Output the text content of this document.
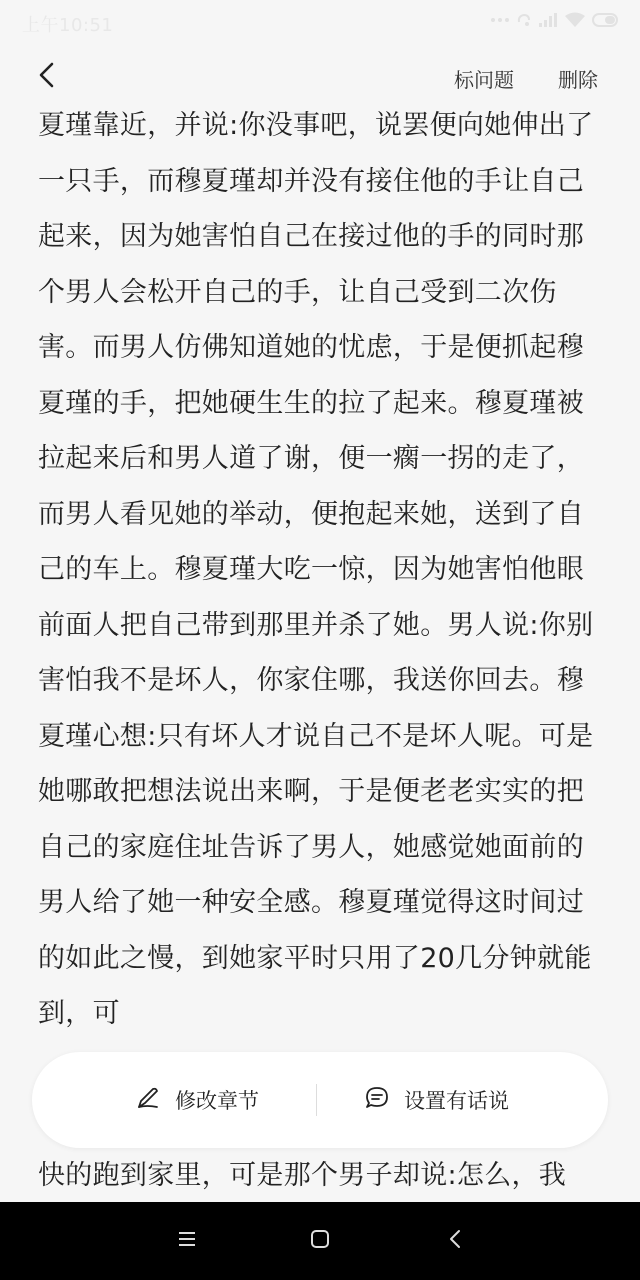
上午10:51
标问题 删除

夏瑾靠近，并说:你没事吧，说罢便向她伸出了一只手，而穆夏瑾却并没有接住他的手让自己起来，因为她害怕自己在接过他的手的同时那个男人会松开自己的手，让自己受到二次伤害。而男人仿佛知道她的忧虑，于是便抓起穆夏瑾的手，把她硬生生的拉了起来。穆夏瑾被拉起来后和男人道了谢，便一瘸一拐的走了，而男人看见她的举动，便抱起来她，送到了自己的车上。穆夏瑾大吃一惊，因为她害怕他眼前面人把自己带到那里并杀了她。男人说:你别害怕我不是坏人，你家住哪，我送你回去。穆夏瑾心想:只有坏人才说自己不是坏人呢。可是她哪敢把想法说出来啊，于是便老老实实的把自己的家庭住址告诉了男人，她感觉她面前的男人给了她一种安全感。穆夏瑾觉得这时间过的如此之慢，到她家平时只用了20几分钟就能到，可

修改章节	设置有话说

快的跑到家里，可是那个男子却说:怎么，我
